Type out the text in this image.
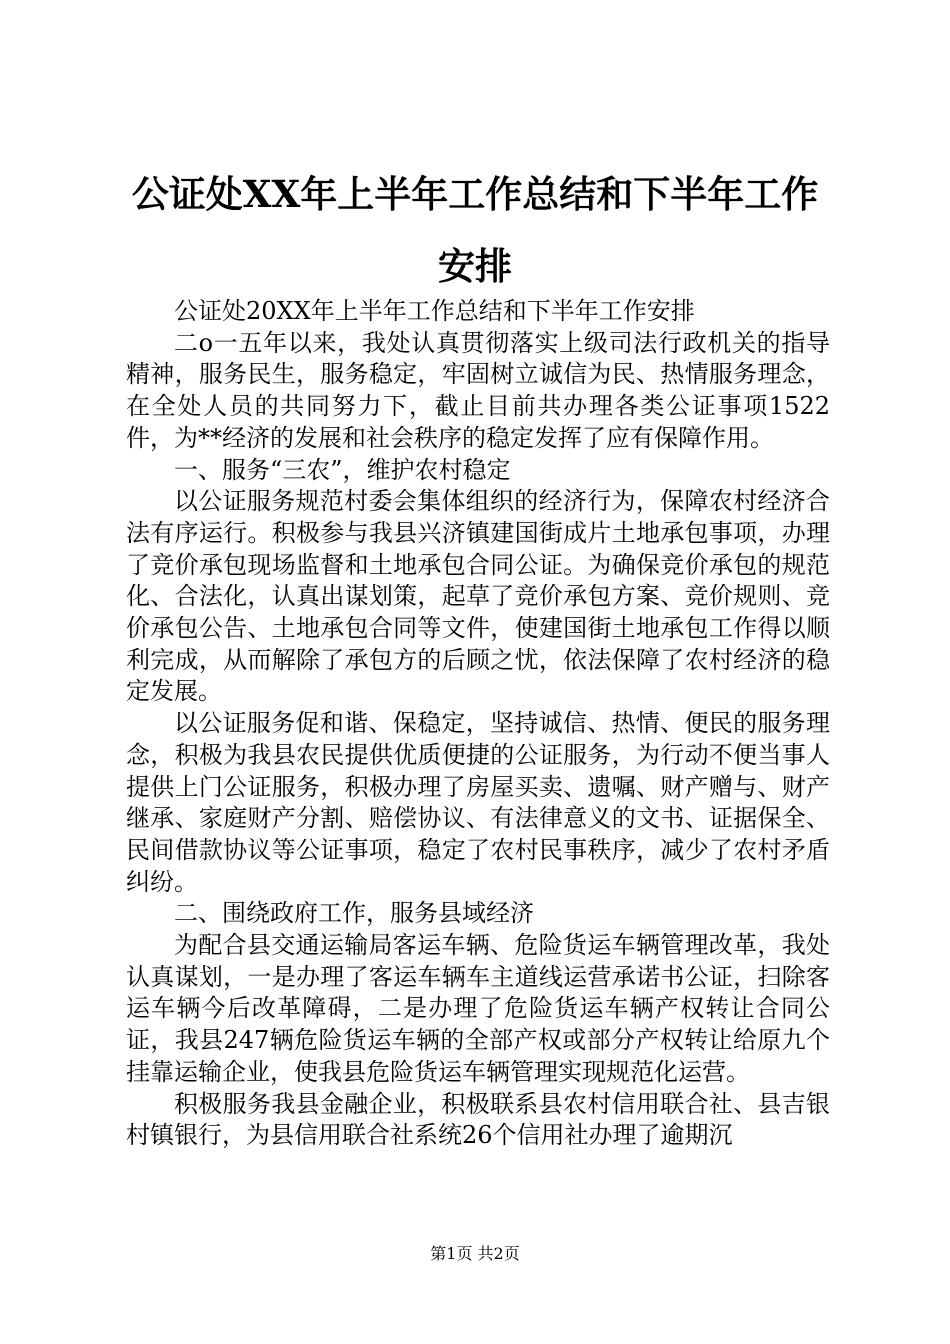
公证处XX年上半年工作总结和下半年工作安排

公证处20XX年上半年工作总结和下半年工作安排

二o一五年以来，我处认真贯彻落实上级司法行政机关的指导精神，服务民生，服务稳定，牢固树立诚信为民、热情服务理念，在全处人员的共同努力下，截止目前共办理各类公证事项1522件，为**经济的发展和社会秩序的稳定发挥了应有保障作用。

一、服务“三农”，维护农村稳定

以公证服务规范村委会集体组织的经济行为，保障农村经济合法有序运行。积极参与我县兴济镇建国街成片土地承包事项，办理了竞价承包现场监督和土地承包合同公证。为确保竞价承包的规范化、合法化，认真出谋划策，起草了竞价承包方案、竞价规则、竞价承包公告、土地承包合同等文件，使建国街土地承包工作得以顺利完成，从而解除了承包方的后顾之忧，依法保障了农村经济的稳定发展。

以公证服务促和谐、保稳定，坚持诚信、热情、便民的服务理念，积极为我县农民提供优质便捷的公证服务，为行动不便当事人提供上门公证服务，积极办理了房屋买卖、遗嘱、财产赠与、财产继承、家庭财产分割、赔偿协议、有法律意义的文书、证据保全、民间借款协议等公证事项，稳定了农村民事秩序，减少了农村矛盾纠纷。

二、围绕政府工作，服务县域经济

为配合县交通运输局客运车辆、危险货运车辆管理改革，我处认真谋划，一是办理了客运车辆车主道线运营承诺书公证，扫除客运车辆今后改革障碍，二是办理了危险货运车辆产权转让合同公证，我县247辆危险货运车辆的全部产权或部分产权转让给原九个挂靠运输企业，使我县危险货运车辆管理实现规范化运营。

积极服务我县金融企业，积极联系县农村信用联合社、县吉银村镇银行，为县信用联合社系统26个信用社办理了逾期沉

第1页 共2页
